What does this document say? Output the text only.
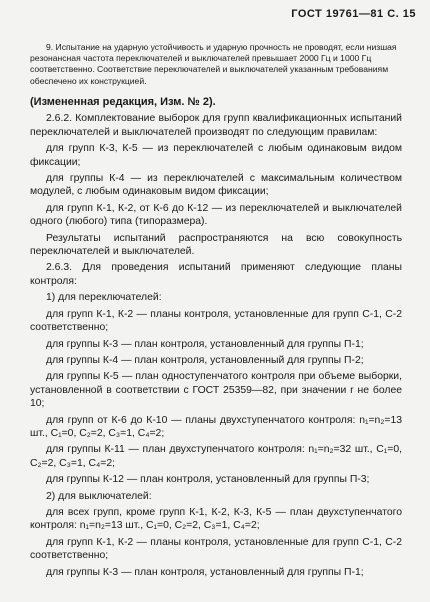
ГОСТ 19761—81 С. 15

9. Испытание на ударную устойчивость и ударную прочность не проводят, если низшая резонансная частота переключателей и выключателей превышает 2000 Гц и 1000 Гц соответственно. Соответствие переключателей и выключателей указанным требованиям обеспечено их конструкцией.

(Измененная редакция, Изм. № 2).

2.6.2. Комплектование выборок для групп квалификационных испытаний переключателей и выключателей производят по следующим правилам:

для групп К-3, К-5 — из переключателей с любым одинаковым видом фиксации;

для группы К-4 — из переключателей с максимальным количеством модулей, с любым одинаковым видом фиксации;

для групп К-1, К-2, от К-6 до К-12 — из переключателей и выключателей одного (любого) типа (типоразмера).

Результаты испытаний распространяются на всю совокупность переключателей и выключателей.

2.6.3. Для проведения испытаний применяют следующие планы контроля:

1) для переключателей:

для групп К-1, К-2 — планы контроля, установленные для групп С-1, С-2 соответственно;

для группы К-3 — план контроля, установленный для группы П-1;

для группы К-4 — план контроля, установленный для группы П-2;

для группы К-5 — план одноступенчатого контроля при объеме выборки, установленной в соответствии с ГОСТ 25359—82, при значении r не более 10;

для групп от К-6 до К-10 — планы двухступенчатого контроля: n₁=n₂=13 шт., C₁=0, C₂=2, C₃=1, C₄=2;

для группы К-11 — план двухступенчатого контроля: n₁=n₂=32 шт., C₁=0, C₂=2, C₃=1, C₄=2;

для группы К-12 — план контроля, установленный для группы П-3;

2) для выключателей:

для всех групп, кроме групп К-1, К-2, К-3, К-5 — план двухступенчатого контроля: n₁=n₂=13 шт., C₁=0, C₂=2, C₃=1, C₄=2;

для групп К-1, К-2 — планы контроля, установленные для групп С-1, С-2 соответственно;

для группы К-3 — план контроля, установленный для группы П-1;
